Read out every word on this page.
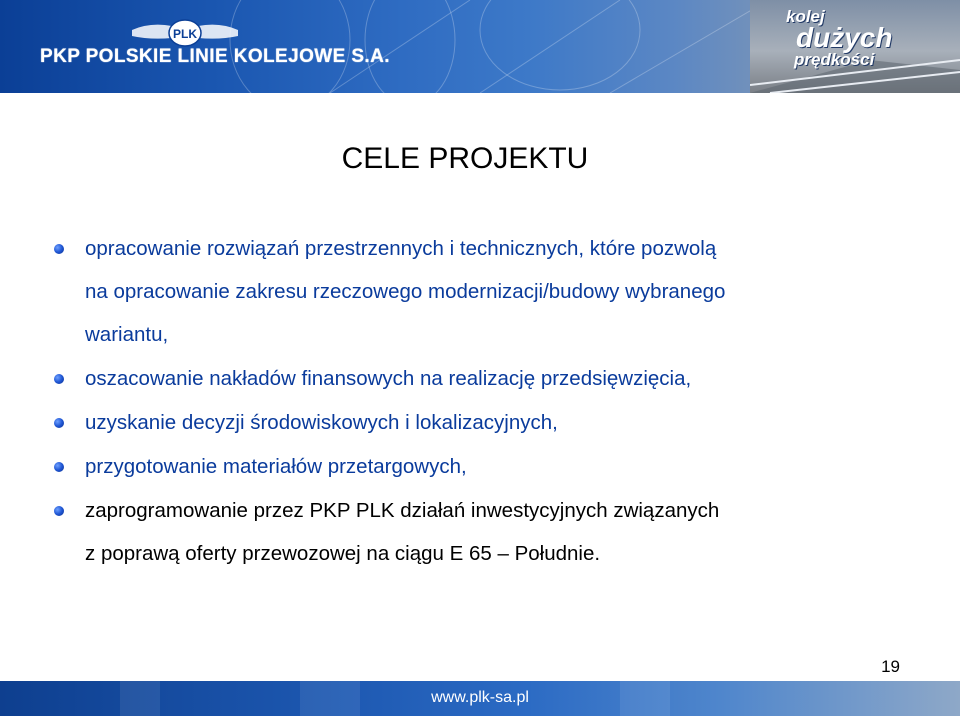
PLK
PKP POLSKIE LINIE KOLEJOWE S.A.
kolej
dużych
prędkości
CELE PROJEKTU
opracowanie rozwiązań przestrzennych i technicznych, które pozwolą
na opracowanie zakresu rzeczowego modernizacji/budowy wybranego
wariantu,
oszacowanie nakładów finansowych na realizację przedsięwzięcia,
uzyskanie decyzji środowiskowych i lokalizacyjnych,
przygotowanie materiałów przetargowych,
zaprogramowanie przez PKP PLK działań inwestycyjnych związanych
z poprawą oferty przewozowej na ciągu E 65 – Południe.
19
www.plk-sa.pl
